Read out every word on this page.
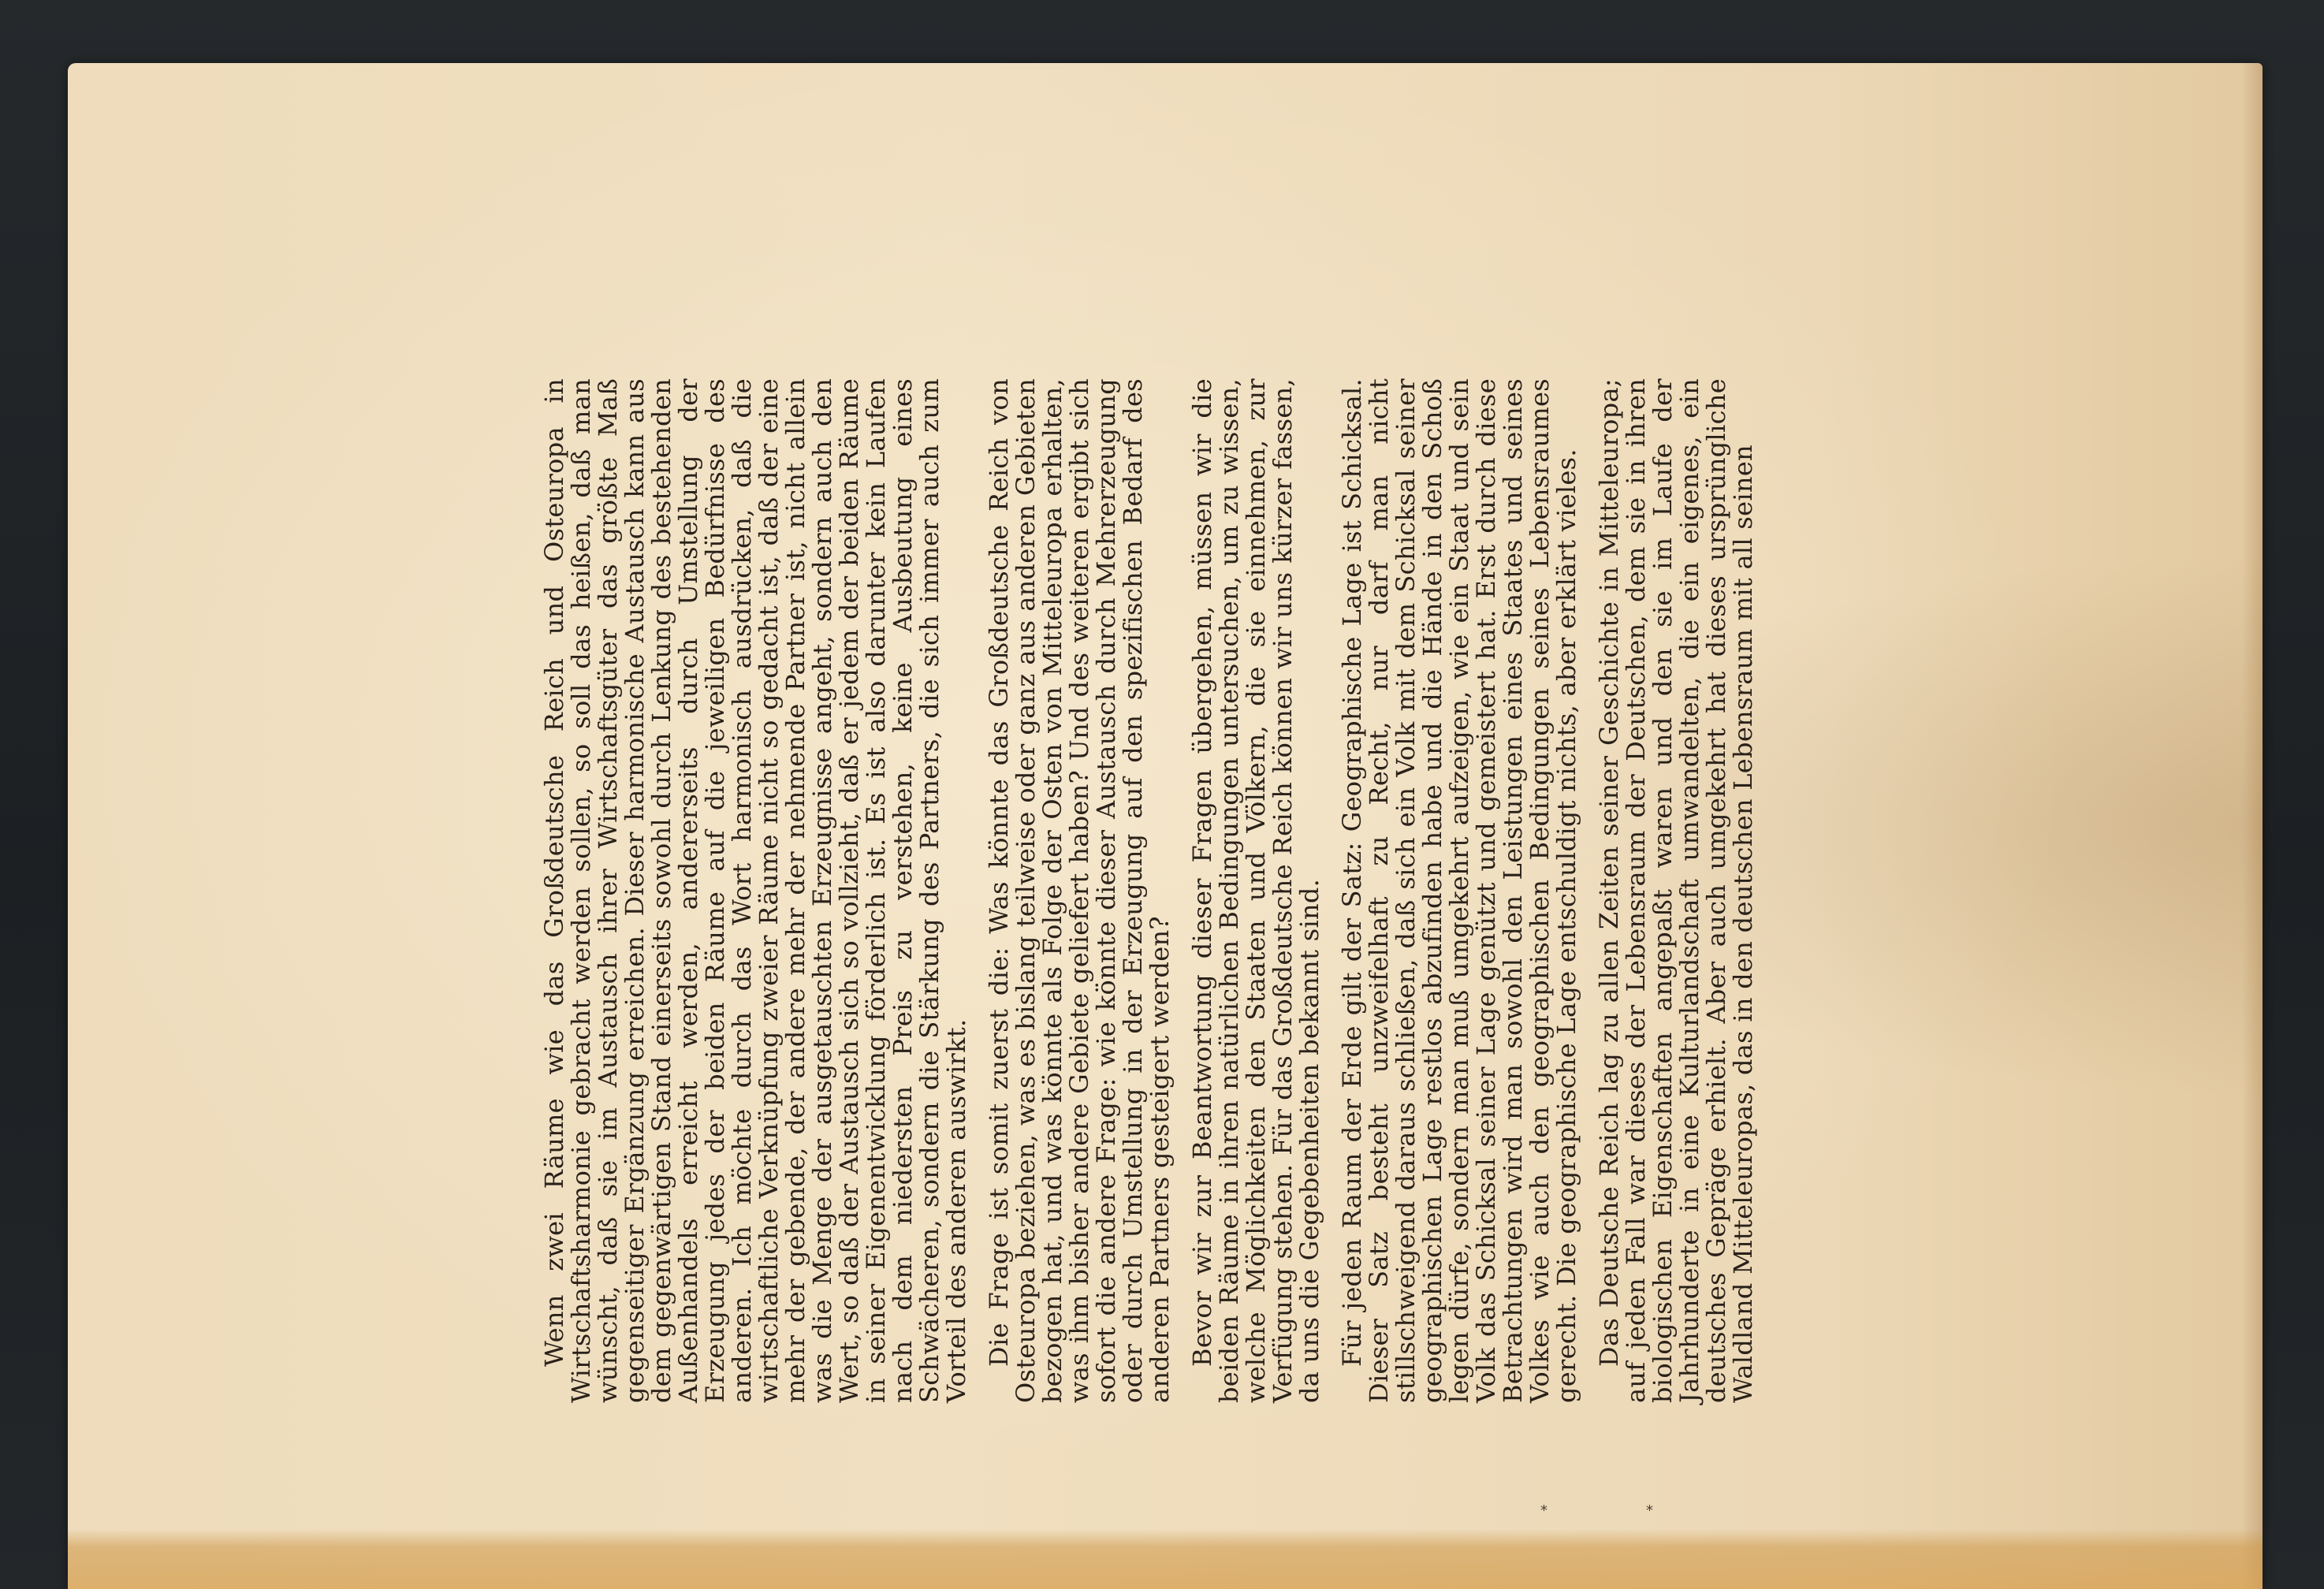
Wenn zwei Räume wie das Großdeutsche Reich und Osteuropa in Wirtschaftsharmonie gebracht werden sollen, so soll das heißen, daß man wünscht, daß sie im Austausch ihrer Wirtschaftsgüter das größte Maß gegenseitiger Ergänzung erreichen. Dieser harmonische Austausch kann aus dem gegenwärtigen Stand einerseits sowohl durch Lenkung des bestehenden Außenhandels erreicht werden, andererseits durch Umstellung der Erzeugung jedes der beiden Räume auf die jeweiligen Bedürfnisse des anderen. Ich möchte durch das Wort harmonisch ausdrücken, daß die wirtschaftliche Verknüpfung zweier Räume nicht so gedacht ist, daß der eine mehr der gebende, der andere mehr der nehmende Partner ist, nicht allein was die Menge der ausgetauschten Erzeugnisse angeht, sondern auch den Wert, so daß der Austausch sich so vollzieht, daß er jedem der beiden Räume in seiner Eigenentwicklung förderlich ist. Es ist also darunter kein Laufen nach dem niedersten Preis zu verstehen, keine Ausbeutung eines Schwächeren, sondern die Stärkung des Partners, die sich immer auch zum Vorteil des anderen auswirkt. Die Frage ist somit zuerst die: Was könnte das Großdeutsche Reich von Osteuropa beziehen, was es bislang teilweise oder ganz aus anderen Gebieten bezogen hat, und was könnte als Folge der Osten von Mitteleuropa erhalten, was ihm bisher andere Gebiete geliefert haben? Und des weiteren ergibt sich sofort die andere Frage: wie könnte dieser Austausch durch Mehrerzeugung oder durch Umstellung in der Erzeugung auf den spezifischen Bedarf des anderen Partners gesteigert werden? Bevor wir zur Beantwortung dieser Fragen übergehen, müssen wir die beiden Räume in ihren natürlichen Bedingungen untersuchen, um zu wissen, welche Möglichkeiten den Staaten und Völkern, die sie einnehmen, zur Verfügung stehen. Für das Großdeutsche Reich können wir uns kürzer fassen, da uns die Gegebenheiten bekannt sind. Für jeden Raum der Erde gilt der Satz: Geographische Lage ist Schicksal. Dieser Satz besteht unzweifelhaft zu Recht, nur darf man nicht stillschweigend daraus schließen, daß sich ein Volk mit dem Schicksal seiner geographischen Lage restlos abzufinden habe und die Hände in den Schoß legen dürfe, sondern man muß umgekehrt aufzeigen, wie ein Staat und sein Volk das Schicksal seiner Lage genützt und gemeistert hat. Erst durch diese Betrachtungen wird man sowohl den Leistungen eines Staates und seines Volkes wie auch den geographischen Bedingungen seines Lebensraumes gerecht. Die geographische Lage entschuldigt nichts, aber erklärt vieles. Das Deutsche Reich lag zu allen Zeiten seiner Geschichte in Mitteleuropa; auf jeden Fall war dieses der Lebensraum der Deutschen, dem sie in ihren biologischen Eigenschaften angepaßt waren und den sie im Laufe der Jahrhunderte in eine Kulturlandschaft umwandelten, die ein eigenes, ein deutsches Gepräge erhielt. Aber auch umgekehrt hat dieses ursprüngliche Waldland Mitteleuropas, das in den deutschen Lebensraum mit all seinen

*	*
